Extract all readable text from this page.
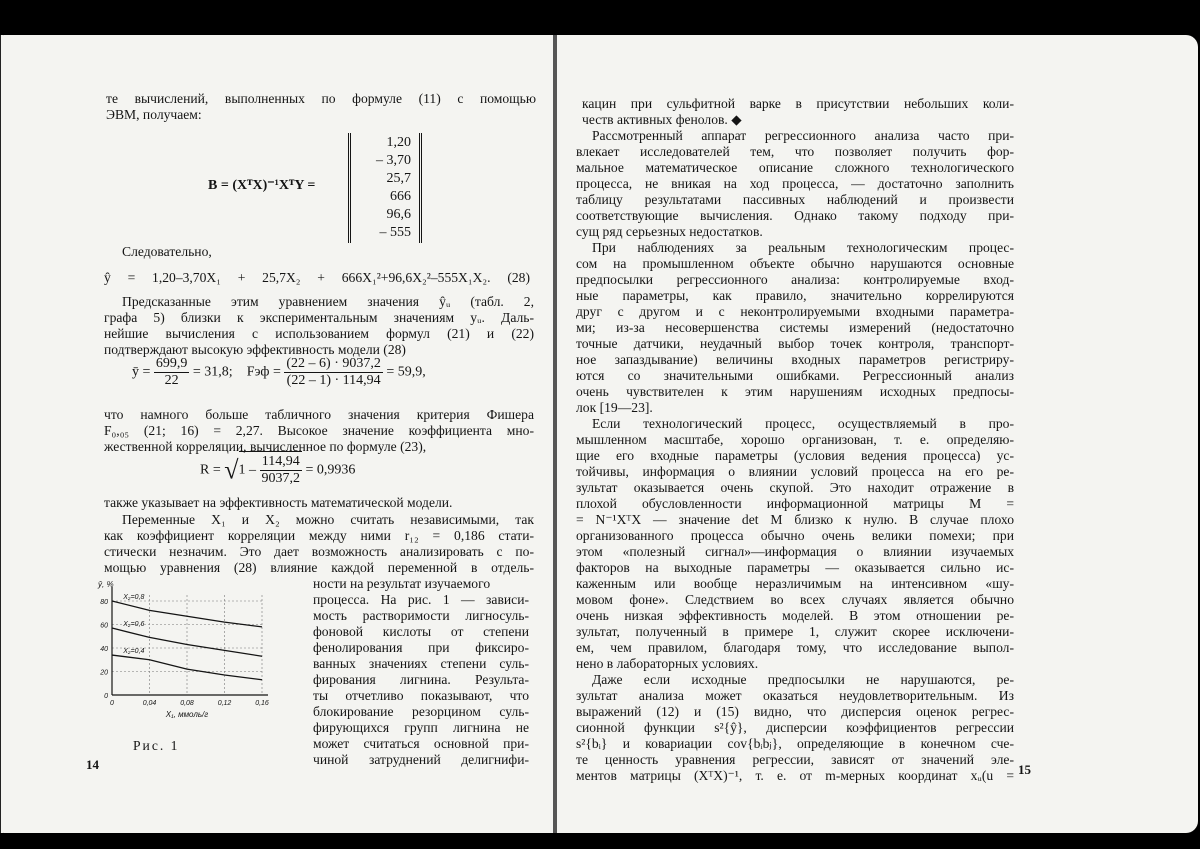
те вычислений, выполненных по формуле (11) с помощью
ЭВМ, получаем:
Следовательно,
ŷ = 1,20–3,70X₁ + 25,7X₂ + 666X₁²+96,6X₂²–555X₁X₂. (28)
Предсказанные этим уравнением значения ŷᵤ (табл. 2,
графа 5) близки к экспериментальным значениям yᵤ. Даль-
нейшие вычисления с использованием формул (21) и (22)
подтверждают высокую эффективность модели (28)
что намного больше табличного значения критерия Фишера
F₀,₀₅ (21; 16) = 2,27. Высокое значение коэффициента мно-
жественной корреляции, вычисленное по формуле (23),
также указывает на эффективность математической модели.
Переменные X₁ и X₂ можно считать независимыми, так
как коэффициент корреляции между ними r₁₂ = 0,186 стати-
стически незначим. Это дает возможность анализировать с по-
мощью уравнения (28) влияние каждой переменной в отдель-
ности на результат изучаемого
процесса. На рис. 1 — зависи-
мость растворимости лигносуль-
фоновой кислоты от степени
фенолирования при фиксиро-
ванных значениях степени суль-
фирования лигнина. Результа-
ты отчетливо показывают, что
блокирование резорцином суль-
фирующихся групп лигнина не
может считаться основной при-
чиной затруднений делигнифи-
B = (XᵀX)⁻¹XᵀY =
1,20
– 3,70
25,7
666
96,6
– 555
ȳ = $\frac{699,9}{22} = 31,8$; Fэф = $\frac{(22 - 6) \cdot 9037,2}{(22 - 1) \cdot 114,94} = 59,9$,
$R = √1 - \frac{114,94}{9037,2} = 0,9936$
80
60
40
20
0
0	0,04	0,08	0,12	0,16
ŷ, %
X₁, ммоль/г
X₂=0,8
X₂=0,6
X₂=0,4
Рис. 1
14
кацин при сульфитной варке в присутствии небольших коли-
честв активных фенолов. ◆
Рассмотренный аппарат регрессионного анализа часто при-
влекает исследователей тем, что позволяет получить фор-
мальное математическое описание сложного технологического
процесса, не вникая на ход процесса, — достаточно заполнить
таблицу результатами пассивных наблюдений и произвести
соответствующие вычисления. Однако такому подходу при-
сущ ряд серьезных недостатков.
При наблюдениях за реальным технологическим процес-
сом на промышленном объекте обычно нарушаются основные
предпосылки регрессионного анализа: контролируемые вход-
ные параметры, как правило, значительно коррелируются
друг с другом и с неконтролируемыми входными параметра-
ми; из-за несовершенства системы измерений (недостаточно
точные датчики, неудачный выбор точек контроля, транспорт-
ное запаздывание) величины входных параметров регистриру-
ются со значительными ошибками. Регрессионный анализ
очень чувствителен к этим нарушениям исходных предпосы-
лок [19—23].
Если технологический процесс, осуществляемый в про-
мышленном масштабе, хорошо организован, т. е. определяю-
щие его входные параметры (условия ведения процесса) ус-
тойчивы, информация о влиянии условий процесса на его ре-
зультат оказывается очень скупой. Это находит отражение в
плохой обусловленности информационной матрицы M =
= N⁻¹XᵀX — значение det M близко к нулю. В случае плохо
организованного процесса обычно очень велики помехи; при
этом «полезный сигнал»—информация о влиянии изучаемых
факторов на выходные параметры — оказывается сильно ис-
каженным или вообще неразличимым на интенсивном «шу-
мовом фоне». Следствием во всех случаях является обычно
очень низкая эффективность моделей. В этом отношении ре-
зультат, полученный в примере 1, служит скорее исключени-
ем, чем правилом, благодаря тому, что исследование выпол-
нено в лабораторных условиях.
Даже если исходные предпосылки не нарушаются, ре-
зультат анализа может оказаться неудовлетворительным. Из
выражений (12) и (15) видно, что дисперсия оценок регрес-
сионной функции s²{ŷ}, дисперсии коэффициентов регрессии
s²{bᵢ} и ковариации cov{bᵢbⱼ}, определяющие в конечном сче-
те ценность уравнения регрессии, зависят от значений эле-
ментов матрицы (XᵀX)⁻¹, т. е. от m-мерных координат xᵤ(u = 15
